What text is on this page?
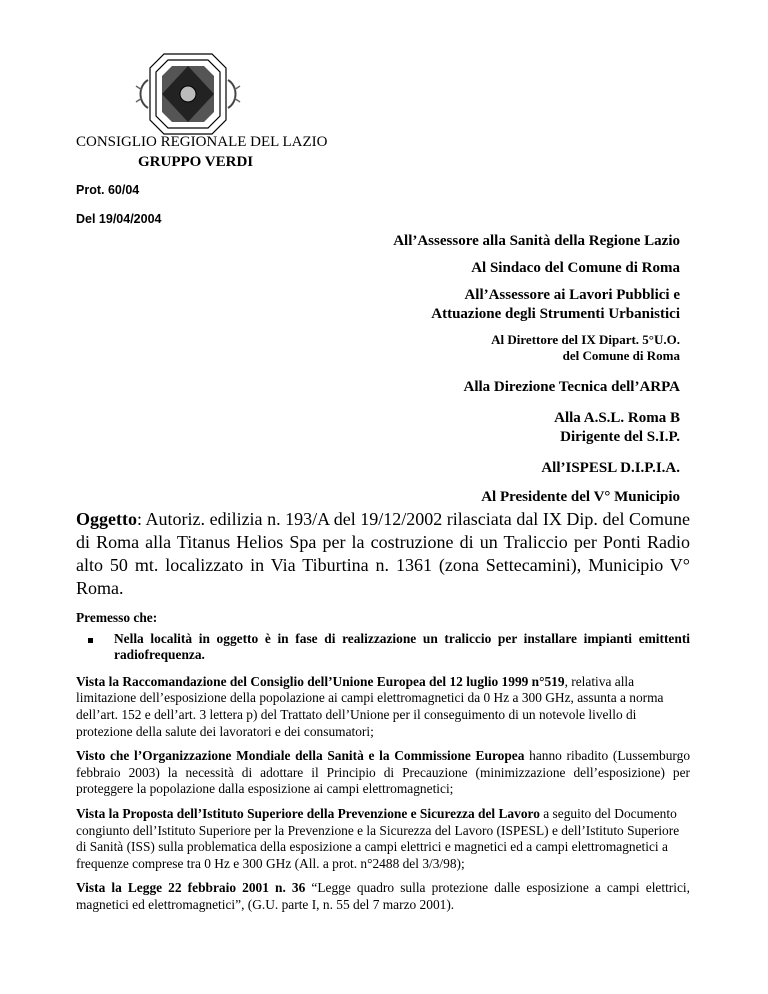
CONSIGLIO REGIONALE DEL LAZIO
GRUPPO VERDI
Prot. 60/04
Del 19/04/2004
All’Assessore alla Sanità della Regione Lazio
Al Sindaco del Comune di Roma
All’Assessore ai Lavori Pubblici e
Attuazione degli Strumenti Urbanistici
Al Direttore del IX Dipart. 5°U.O.
del Comune di Roma
Alla Direzione Tecnica dell’ARPA
Alla A.S.L. Roma B
Dirigente del S.I.P.
All’ISPESL D.I.P.I.A.
Al Presidente del V° Municipio
Oggetto: Autoriz. edilizia n. 193/A del 19/12/2002 rilasciata dal IX Dip. del Comune di Roma alla Titanus Helios Spa per la costruzione di un Traliccio per Ponti Radio alto 50 mt. localizzato in Via Tiburtina n. 1361 (zona Settecamini), Municipio V° Roma.
Premesso che:
Nella località in oggetto è in fase di realizzazione un traliccio per installare impianti emittenti radiofrequenza.
Vista la Raccomandazione del Consiglio dell’Unione Europea del 12 luglio 1999 n°519, relativa alla limitazione dell’esposizione della popolazione ai campi elettromagnetici da 0 Hz a 300 GHz, assunta a norma dell’art. 152 e dell’art. 3 lettera p) del Trattato dell’Unione per il conseguimento di un notevole livello di protezione della salute dei lavoratori e dei consumatori;
Visto che l’Organizzazione Mondiale della Sanità e la Commissione Europea hanno ribadito (Lussemburgo febbraio 2003) la necessità di adottare il Principio di Precauzione (minimizzazione dell’esposizione) per proteggere la popolazione dalla esposizione ai campi elettromagnetici;
Vista la Proposta dell’Istituto Superiore della Prevenzione e Sicurezza del Lavoro a seguito del Documento congiunto dell’Istituto Superiore per la Prevenzione e la Sicurezza del Lavoro (ISPESL) e dell’Istituto Superiore di Sanità (ISS) sulla problematica della esposizione a campi elettrici e magnetici ed a campi elettromagnetici a frequenze comprese tra 0 Hz e 300 GHz (All. a prot. n°2488 del 3/3/98);
Vista la Legge 22 febbraio 2001 n. 36 “Legge quadro sulla protezione dalle esposizione a campi elettrici, magnetici ed elettromagnetici”, (G.U. parte I, n. 55 del 7 marzo 2001).
